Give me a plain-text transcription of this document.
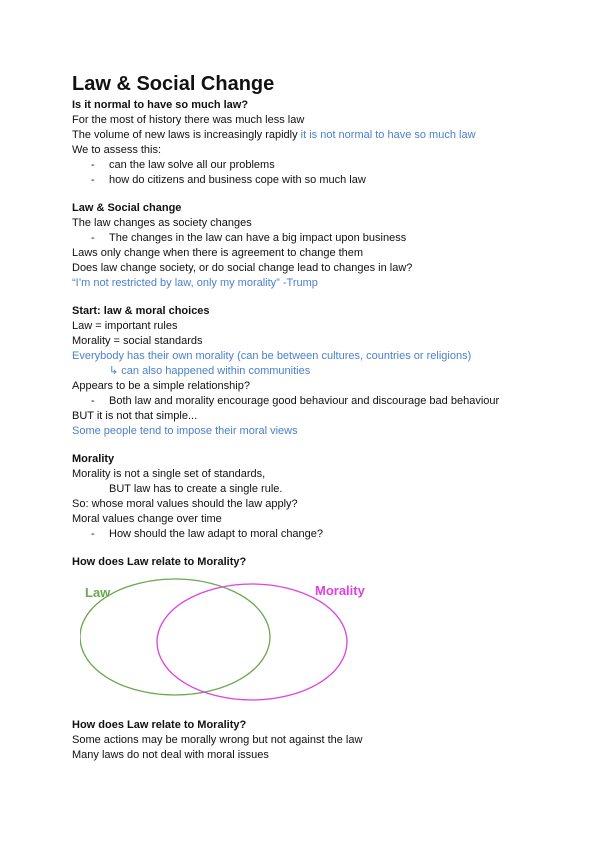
Law & Social Change
Is it normal to have so much law?
For the most of history there was much less law
The volume of new laws is increasingly rapidly it is not normal to have so much law
We to assess this:
- can the law solve all our problems
- how do citizens and business cope with so much law
Law & Social change
The law changes as society changes
- The changes in the law can have a big impact upon business
Laws only change when there is agreement to change them
Does law change society, or do social change lead to changes in law?
“I’m not restricted by law, only my morality” -Trump
Start: law & moral choices
Law = important rules
Morality = social standards
Everybody has their own morality (can be between cultures, countries or religions)
↳ can also happened within communities
Appears to be a simple relationship?
- Both law and morality encourage good behaviour and discourage bad behaviour
BUT it is not that simple...
Some people tend to impose their moral views
Morality
Morality is not a single set of standards,
BUT law has to create a single rule.
So: whose moral values should the law apply?
Moral values change over time
- How should the law adapt to moral change?
How does Law relate to Morality?
Law	Morality
How does Law relate to Morality?
Some actions may be morally wrong but not against the law
Many laws do not deal with moral issues
